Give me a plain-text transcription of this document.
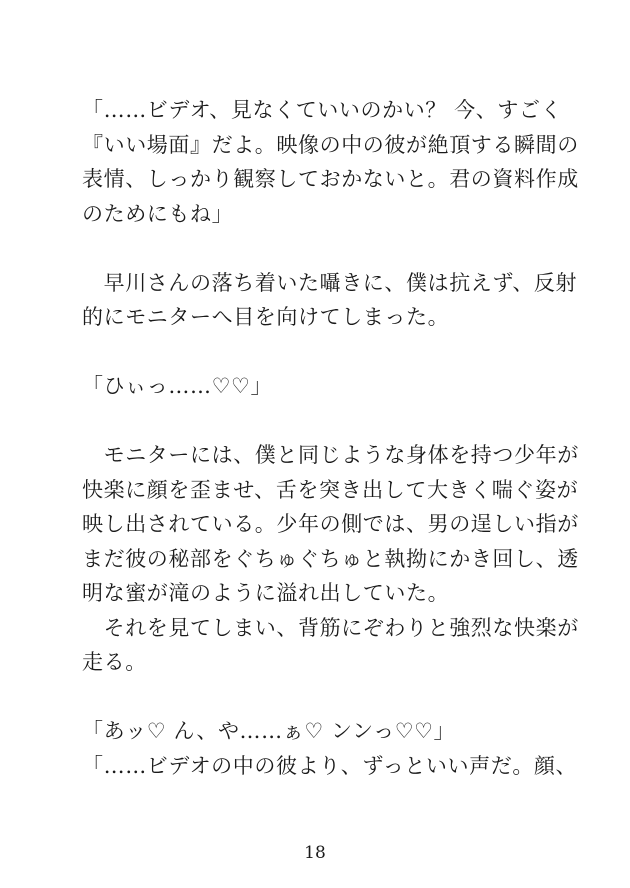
「……ビデオ、見なくていいのかい？ 今、すごく
『いい場面』だよ。映像の中の彼が絶頂する瞬間の
表情、しっかり観察しておかないと。君の資料作成
のためにもね」
　早川さんの落ち着いた囁きに、僕は抗えず、反射
的にモニターへ目を向けてしまった。
「ひぃっ……♡♡」
　モニターには、僕と同じような身体を持つ少年が
快楽に顔を歪ませ、舌を突き出して大きく喘ぐ姿が
映し出されている。少年の側では、男の逞しい指が
まだ彼の秘部をぐちゅぐちゅと執拗にかき回し、透
明な蜜が滝のように溢れ出していた。
　それを見てしまい、背筋にぞわりと強烈な快楽が
走る。
「あッ♡ ん、や……ぁ♡ ンンっ♡♡」
「……ビデオの中の彼より、ずっといい声だ。顔、
18
